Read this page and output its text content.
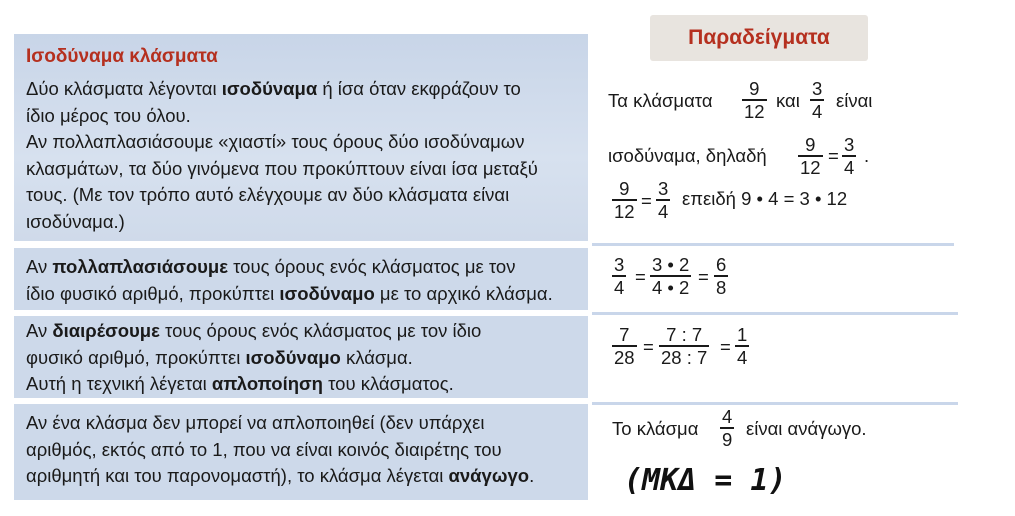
Ισοδύναμα κλάσματα
Δύο κλάσματα λέγονται ισοδύναμα ή ίσα όταν εκφράζουν το
ίδιο μέρος του όλου.
Αν πολλαπλασιάσουμε «χιαστί» τους όρους δύο ισοδύναμων
κλασμάτων, τα δύο γινόμενα που προκύπτουν είναι ίσα μεταξύ
τους. (Με τον τρόπο αυτό ελέγχουμε αν δύο κλάσματα είναι
ισοδύναμα.)
Αν πολλαπλασιάσουμε τους όρους ενός κλάσματος με τον
ίδιο φυσικό αριθμό, προκύπτει ισοδύναμο με το αρχικό κλάσμα.
Αν διαιρέσουμε τους όρους ενός κλάσματος με τον ίδιο
φυσικό αριθμό, προκύπτει ισοδύναμο κλάσμα.
Αυτή η τεχνική λέγεται απλοποίηση του κλάσματος.
Αν ένα κλάσμα δεν μπορεί να απλοποιηθεί (δεν υπάρχει
αριθμός, εκτός από το 1, που να είναι κοινός διαιρέτης του
αριθμητή και του παρονομαστή), το κλάσμα λέγεται ανάγωγο.
Παραδείγματα
Τα κλάσματα
9
12
και
3
4
είναι
ισοδύναμα, δηλαδή
9
12
=
3
4
.
9
12
=
3
4
επειδή 9 • 4 = 3 • 12
3
4
=
3 • 2
4 • 2
=
6
8
7
28
=
7 : 7
28 : 7
=
1
4
Το κλάσμα
4
9
είναι ανάγωγο.
(ΜΚΔ = 1)
